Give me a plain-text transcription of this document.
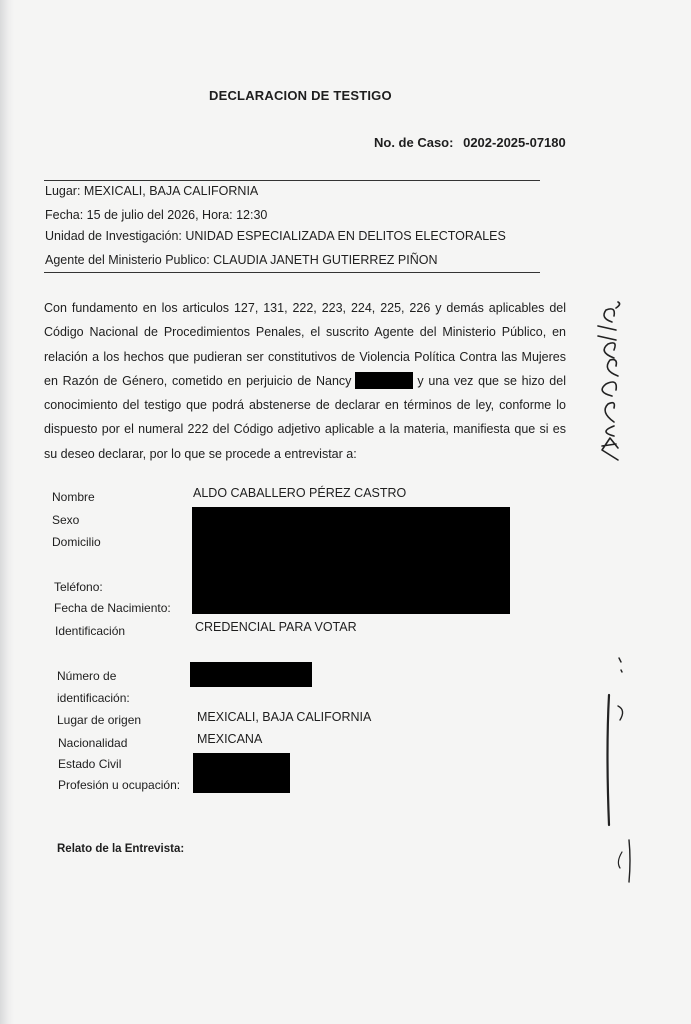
DECLARACION DE TESTIGO
No. de Caso: 0202-2025-07180
Lugar: MEXICALI, BAJA CALIFORNIA
Fecha: 15 de julio del 2026, Hora: 12:30
Unidad de Investigación: UNIDAD ESPECIALIZADA EN DELITOS ELECTORALES
Agente del Ministerio Publico: CLAUDIA JANETH GUTIERREZ PIÑON

Con fundamento en los articulos 127, 131, 222, 223, 224, 225, 226 y demás aplicables del Código Nacional de Procedimientos Penales, el suscrito Agente del Ministerio Público, en relación a los hechos que pudieran ser constitutivos de Violencia Política Contra las Mujeres en Razón de Género, cometido en perjuicio de Nancy	y una vez que se hizo del conocimiento del testigo que podrá abstenerse de declarar en términos de ley, conforme lo dispuesto por el numeral 222 del Código adjetivo aplicable a la materia, manifiesta que si es su deseo declarar, por lo que se procede a entrevistar a:

Nombre	ALDO CABALLERO PÉREZ CASTRO
Sexo
Domicilio
Teléfono:
Fecha de Nacimiento:
Identificación	CREDENCIAL PARA VOTAR
Número de
identificación:
Lugar de origen	MEXICALI, BAJA CALIFORNIA
Nacionalidad	MEXICANA
Estado Civil
Profesión u ocupación:
Relato de la Entrevista:
